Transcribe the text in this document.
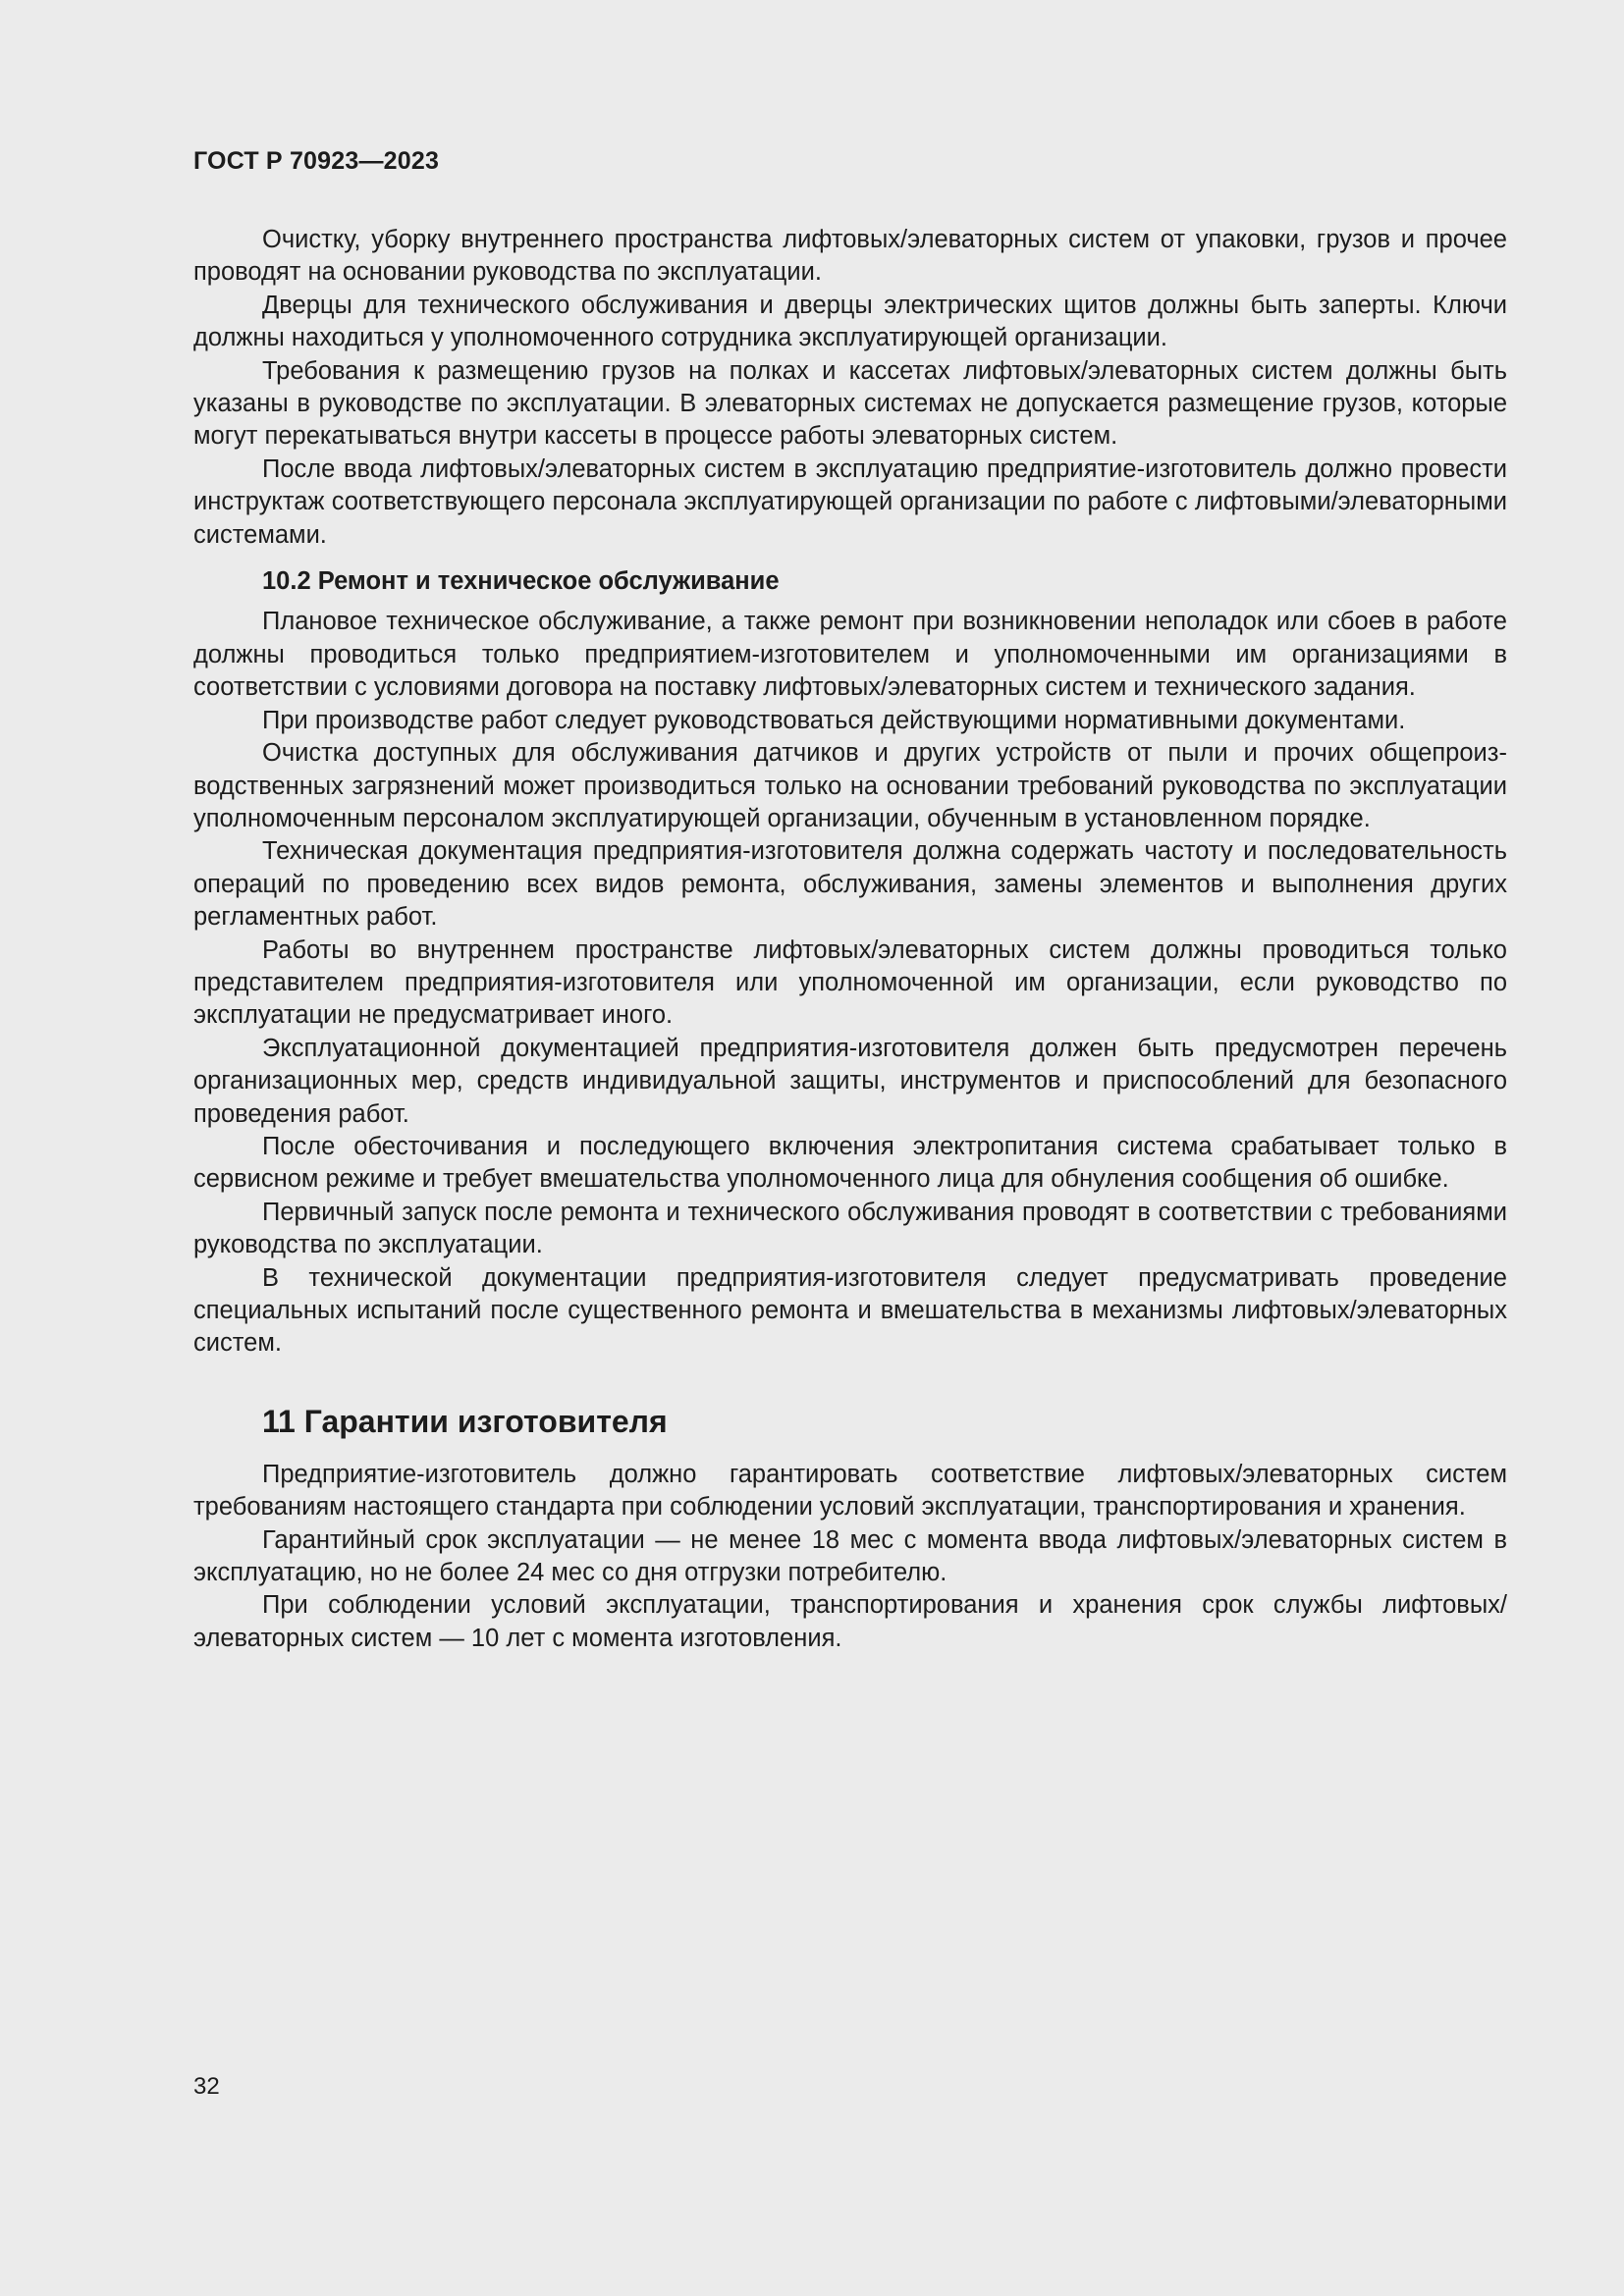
ГОСТ Р 70923—2023

Очистку, уборку внутреннего пространства лифтовых/элеваторных систем от упаковки, грузов и прочее проводят на основании руководства по эксплуатации.

Дверцы для технического обслуживания и дверцы электрических щитов должны быть заперты. Ключи должны находиться у уполномоченного сотрудника эксплуатирующей организации.

Требования к размещению грузов на полках и кассетах лифтовых/элеваторных систем должны быть указаны в руководстве по эксплуатации. В элеваторных системах не допускается размещение грузов, которые могут перекатываться внутри кассеты в процессе работы элеваторных систем.

После ввода лифтовых/элеваторных систем в эксплуатацию предприятие-изготовитель должно провести инструктаж соответствующего персонала эксплуатирующей организации по работе с лифтовыми/элеваторными системами.

10.2 Ремонт и техническое обслуживание

Плановое техническое обслуживание, а также ремонт при возникновении неполадок или сбоев в работе должны проводиться только предприятием-изготовителем и уполномоченными им организациями в соответствии с условиями договора на поставку лифтовых/элеваторных систем и технического задания.

При производстве работ следует руководствоваться действующими нормативными документами.

Очистка доступных для обслуживания датчиков и других устройств от пыли и прочих общепроизводственных загрязнений может производиться только на основании требований руководства по эксплуатации уполномоченным персоналом эксплуатирующей организации, обученным в установленном порядке.

Техническая документация предприятия-изготовителя должна содержать частоту и последовательность операций по проведению всех видов ремонта, обслуживания, замены элементов и выполнения других регламентных работ.

Работы во внутреннем пространстве лифтовых/элеваторных систем должны проводиться только представителем предприятия-изготовителя или уполномоченной им организации, если руководство по эксплуатации не предусматривает иного.

Эксплуатационной документацией предприятия-изготовителя должен быть предусмотрен перечень организационных мер, средств индивидуальной защиты, инструментов и приспособлений для безопасного проведения работ.

После обесточивания и последующего включения электропитания система срабатывает только в сервисном режиме и требует вмешательства уполномоченного лица для обнуления сообщения об ошибке.

Первичный запуск после ремонта и технического обслуживания проводят в соответствии с требованиями руководства по эксплуатации.

В технической документации предприятия-изготовителя следует предусматривать проведение специальных испытаний после существенного ремонта и вмешательства в механизмы лифтовых/элеваторных систем.

11 Гарантии изготовителя

Предприятие-изготовитель должно гарантировать соответствие лифтовых/элеваторных систем требованиям настоящего стандарта при соблюдении условий эксплуатации, транспортирования и хранения.

Гарантийный срок эксплуатации — не менее 18 мес с момента ввода лифтовых/элеваторных систем в эксплуатацию, но не более 24 мес со дня отгрузки потребителю.

При соблюдении условий эксплуатации, транспортирования и хранения срок службы лифтовых/ элеваторных систем — 10 лет с момента изготовления.

32
